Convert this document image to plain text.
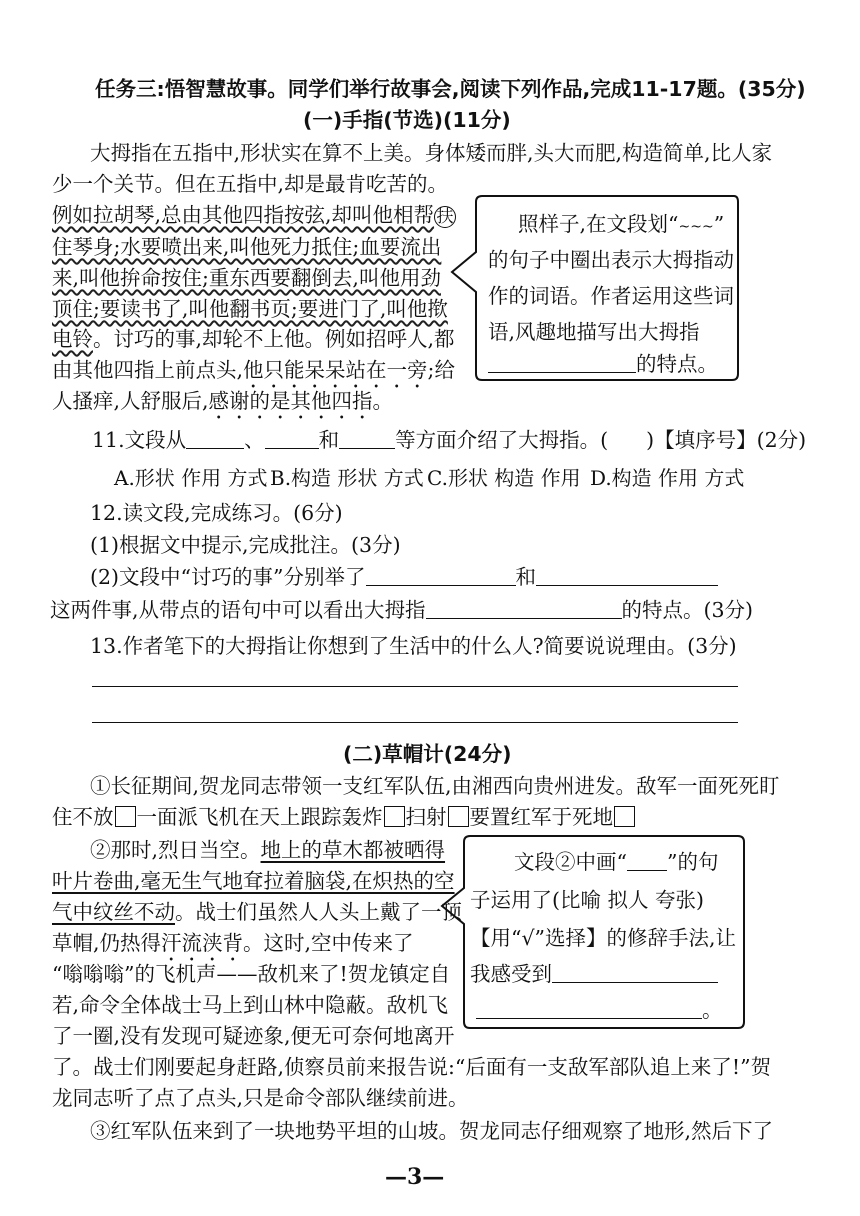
任务三:悟智慧故事。同学们举行故事会,阅读下列作品,完成11-17题。(35分)
(一)手指(节选)(11分)
大拇指在五指中,形状实在算不上美。身体矮而胖,头大而肥,构造简单,比人家
少一个关节。但在五指中,却是最肯吃苦的。
例如拉胡琴,总由其他四指按弦,却叫他相帮 扶
住琴身;水要喷出来,叫他死力抵住;血要流出
来,叫他拚命按住;重东西要翻倒去,叫他用劲
顶住;要读书了,叫他翻书页;要进门了,叫他揿
电铃。讨巧的事,却轮不上他。例如招呼人,都
由其他四指上前点头,他只能呆呆站在一旁;给
人搔痒,人舒服后,感谢的是其他四指。
照样子,在文段划“~~~”
的句子中圈出表示大拇指动
作的词语。作者运用这些词
语,风趣地描写出大拇指
的特点。
11.文段从	、	和	等方面介绍了大拇指。( )【填序号】(2分)
A.形状 作用 方式 B.构造 形状 方式 C.形状 构造 作用 D.构造 作用 方式
12.读文段,完成练习。(6分)
(1)根据文中提示,完成批注。(3分)
(2)文段中“讨巧的事”分别举了	和
这两件事,从带点的语句中可以看出大拇指	的特点。(3分)
13.作者笔下的大拇指让你想到了生活中的什么人?简要说说理由。(3分)
(二)草帽计(24分)
①长征期间,贺龙同志带领一支红军队伍,由湘西向贵州进发。敌军一面死死盯
住不放 一面派飞机在天上跟踪轰炸 扫射 要置红军于死地
②那时,烈日当空。地上的草木都被晒得
叶片卷曲,毫无生气地耷拉着脑袋,在炽热的空
气中纹丝不动。战士们虽然人人头上戴了一顶
草帽,仍热得汗流浃背。这时,空中传来了
“嗡嗡嗡”的飞机声——敌机来了!贺龙镇定自
若,命令全体战士马上到山林中隐蔽。敌机飞
了一圈,没有发现可疑迹象,便无可奈何地离开
了。战士们刚要起身赶路,侦察员前来报告说:“后面有一支敌军部队追上来了!”贺
龙同志听了点了点头,只是命令部队继续前进。
③红军队伍来到了一块地势平坦的山坡。贺龙同志仔细观察了地形,然后下了
文段②中画“ ”的句
子运用了(比喻 拟人 夸张)
【用“√”选择】的修辞手法,让
我感受到
。
—3—
